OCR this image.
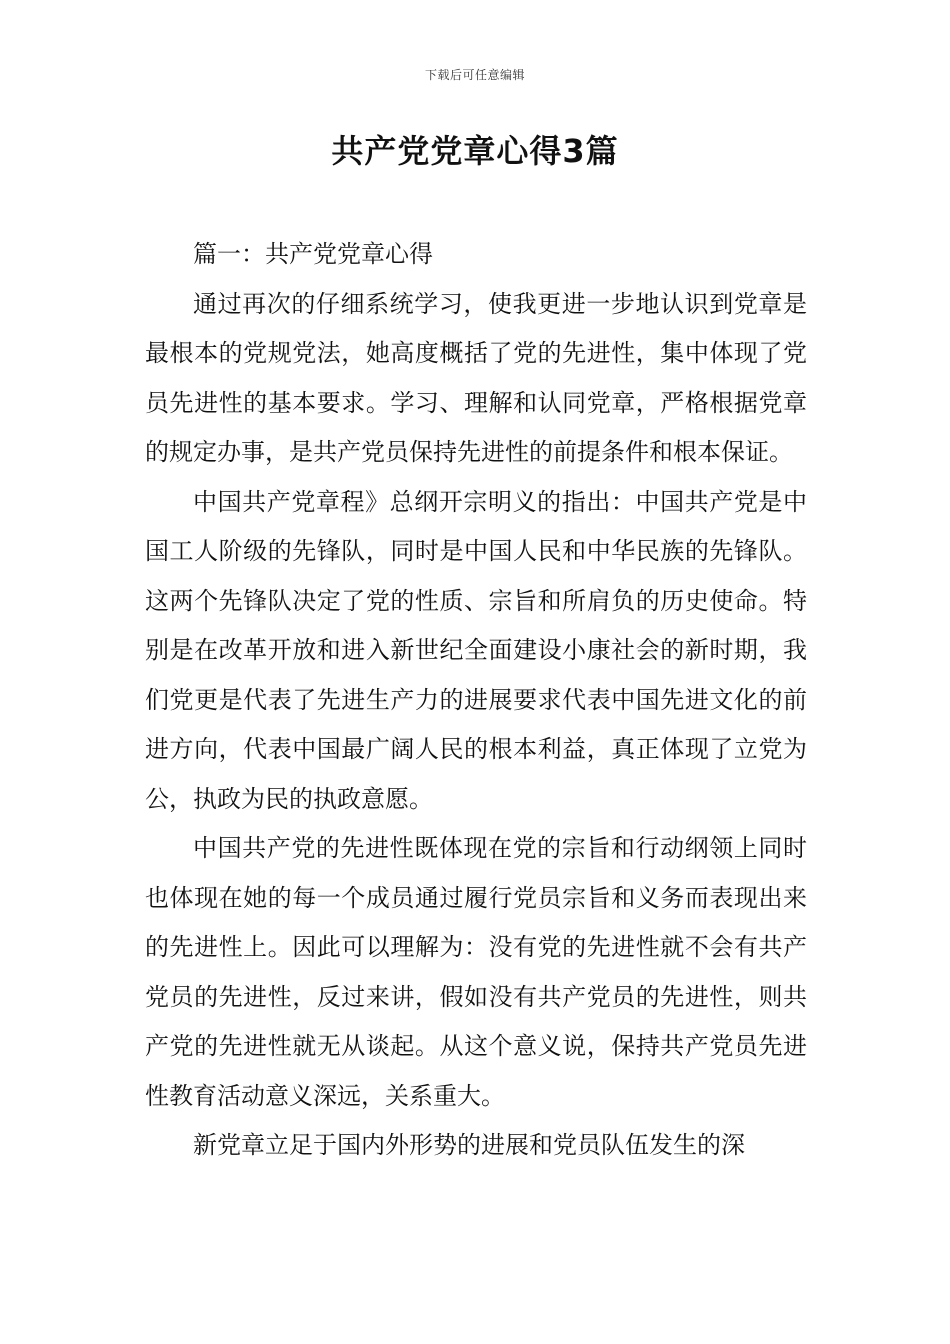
下载后可任意编辑
共产党党章心得3篇

篇一：共产党党章心得

通过再次的仔细系统学习，使我更进一步地认识到党章是最根本的党规党法，她高度概括了党的先进性，集中体现了党员先进性的基本要求。学习、理解和认同党章，严格根据党章的规定办事，是共产党员保持先进性的前提条件和根本保证。

中国共产党章程》总纲开宗明义的指出：中国共产党是中国工人阶级的先锋队，同时是中国人民和中华民族的先锋队。这两个先锋队决定了党的性质、宗旨和所肩负的历史使命。特别是在改革开放和进入新世纪全面建设小康社会的新时期，我们党更是代表了先进生产力的进展要求代表中国先进文化的前进方向，代表中国最广阔人民的根本利益，真正体现了立党为公，执政为民的执政意愿。

中国共产党的先进性既体现在党的宗旨和行动纲领上同时也体现在她的每一个成员通过履行党员宗旨和义务而表现出来的先进性上。因此可以理解为：没有党的先进性就不会有共产党员的先进性，反过来讲，假如没有共产党员的先进性，则共产党的先进性就无从谈起。从这个意义说，保持共产党员先进性教育活动意义深远，关系重大。

新党章立足于国内外形势的进展和党员队伍发生的深
